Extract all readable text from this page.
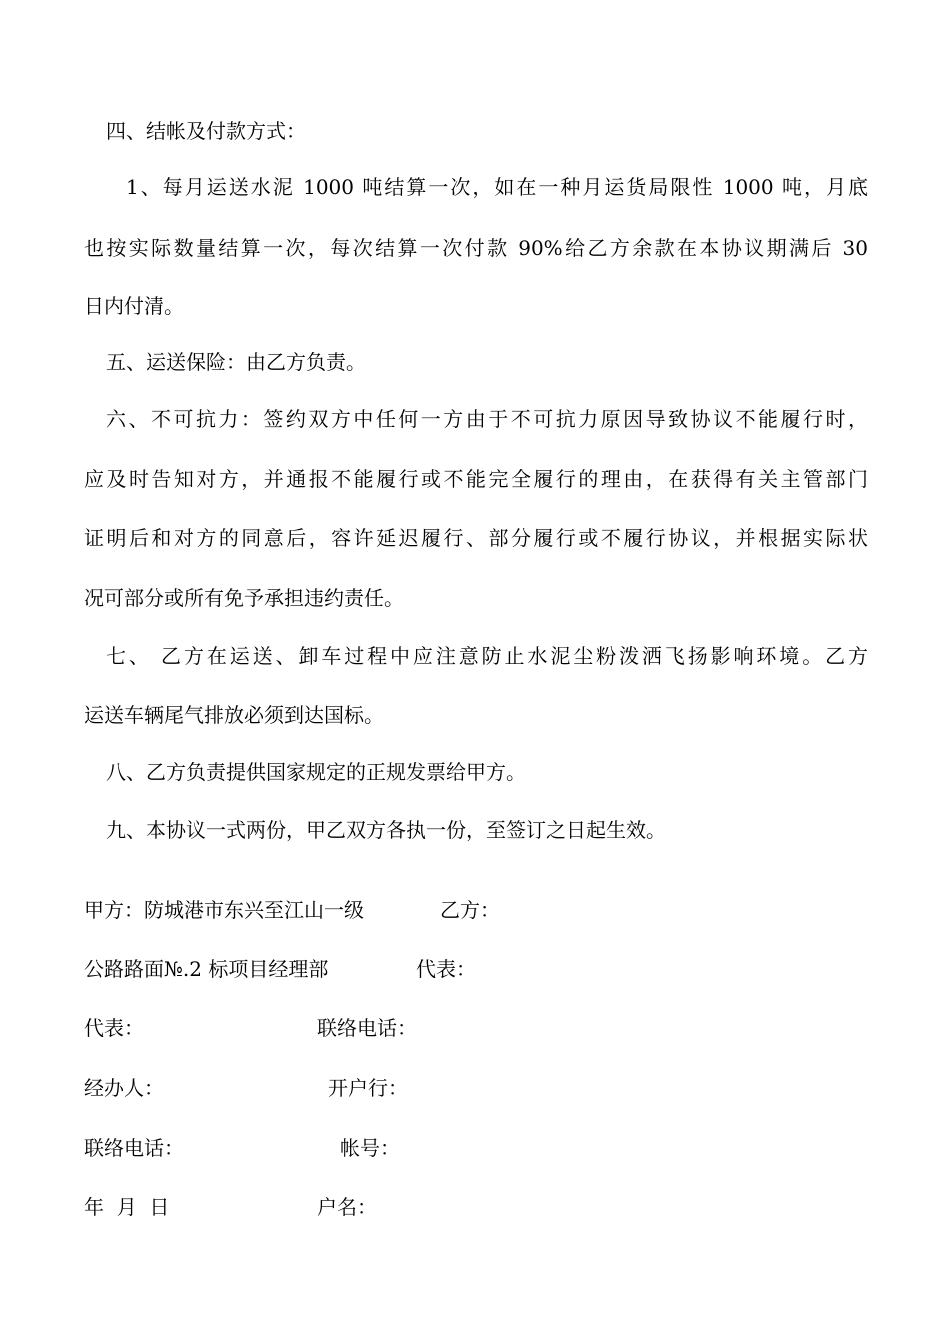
四、结帐及付款方式：
1、每月运送水泥 1000 吨结算一次，如在一种月运货局限性 1000 吨，月底
也按实际数量结算一次，每次结算一次付款 90%给乙方余款在本协议期满后 30
日内付清。
五、运送保险：由乙方负责。
六、不可抗力：签约双方中任何一方由于不可抗力原因导致协议不能履行时，
应及时告知对方，并通报不能履行或不能完全履行的理由，在获得有关主管部门
证明后和对方的同意后，容许延迟履行、部分履行或不履行协议，并根据实际状
况可部分或所有免予承担违约责任。
七、 乙方在运送、卸车过程中应注意防止水泥尘粉泼洒飞扬影响环境。乙方
运送车辆尾气排放必须到达国标。
八、乙方负责提供国家规定的正规发票给甲方。
九、本协议一式两份，甲乙双方各执一份，至签订之日起生效。
甲方：防城港市东兴至江山一级	乙方：
公路路面№.2 标项目经理部	代表：
代表：	联络电话：
经办人：	开户行：
联络电话：	帐号：
年  月  日	户名：
